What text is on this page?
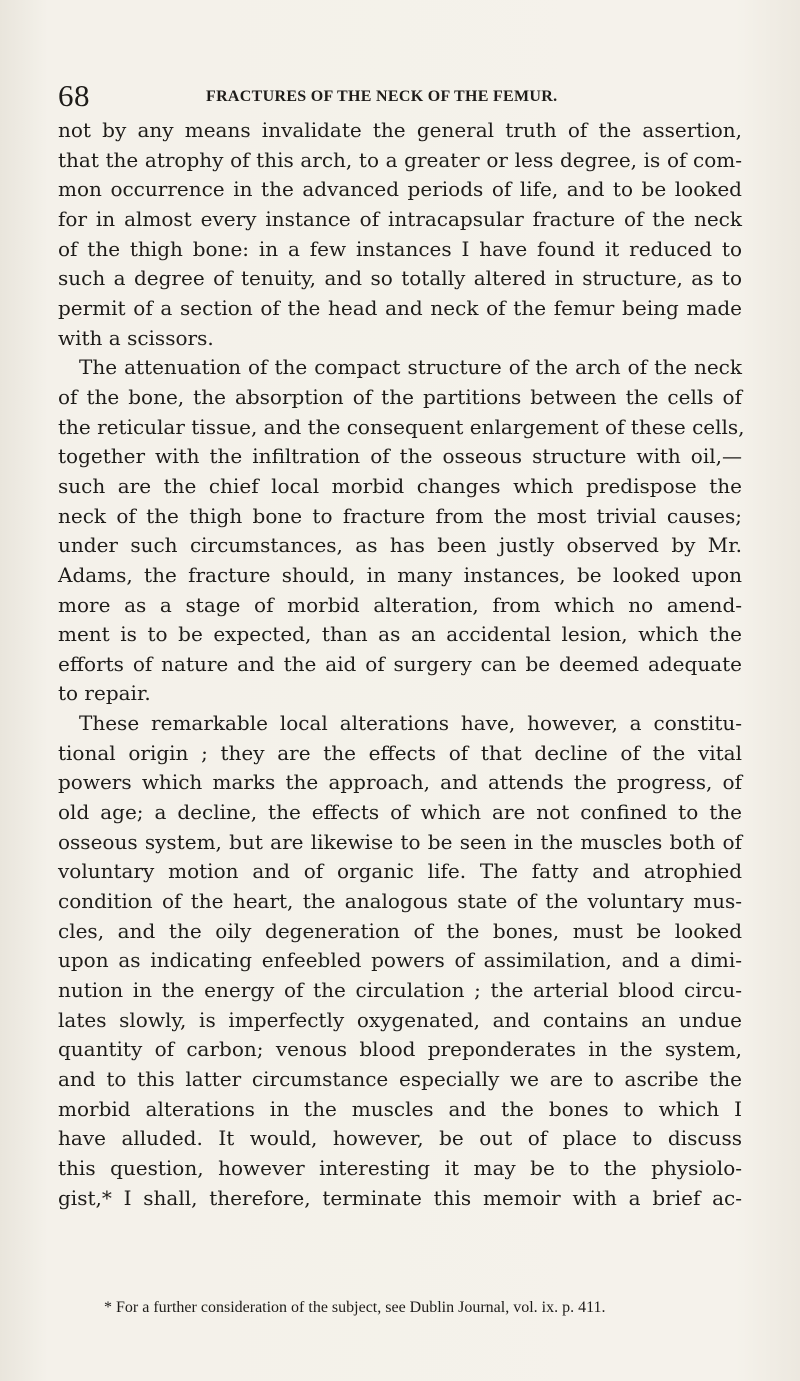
68	FRACTURES OF THE NECK OF THE FEMUR.
not by any means invalidate the general truth of the assertion,
that the atrophy of this arch, to a greater or less degree, is of com-
mon occurrence in the advanced periods of life, and to be looked
for in almost every instance of intracapsular fracture of the neck
of the thigh bone: in a few instances I have found it reduced to
such a degree of tenuity, and so totally altered in structure, as to
permit of a section of the head and neck of the femur being made
with a scissors.
The attenuation of the compact structure of the arch of the neck
of the bone, the absorption of the partitions between the cells of
the reticular tissue, and the consequent enlargement of these cells,
together with the infiltration of the osseous structure with oil,—
such are the chief local morbid changes which predispose the
neck of the thigh bone to fracture from the most trivial causes;
under such circumstances, as has been justly observed by Mr.
Adams, the fracture should, in many instances, be looked upon
more as a stage of morbid alteration, from which no amend-
ment is to be expected, than as an accidental lesion, which the
efforts of nature and the aid of surgery can be deemed adequate
to repair.
These remarkable local alterations have, however, a constitu-
tional origin ; they are the effects of that decline of the vital
powers which marks the approach, and attends the progress, of
old age; a decline, the effects of which are not confined to the
osseous system, but are likewise to be seen in the muscles both of
voluntary motion and of organic life. The fatty and atrophied
condition of the heart, the analogous state of the voluntary mus-
cles, and the oily degeneration of the bones, must be looked
upon as indicating enfeebled powers of assimilation, and a dimi-
nution in the energy of the circulation ; the arterial blood circu-
lates slowly, is imperfectly oxygenated, and contains an undue
quantity of carbon; venous blood preponderates in the system,
and to this latter circumstance especially we are to ascribe the
morbid alterations in the muscles and the bones to which I
have alluded. It would, however, be out of place to discuss
this question, however interesting it may be to the physiolo-
gist,* I shall, therefore, terminate this memoir with a brief ac-
* For a further consideration of the subject, see Dublin Journal, vol. ix. p. 411.
